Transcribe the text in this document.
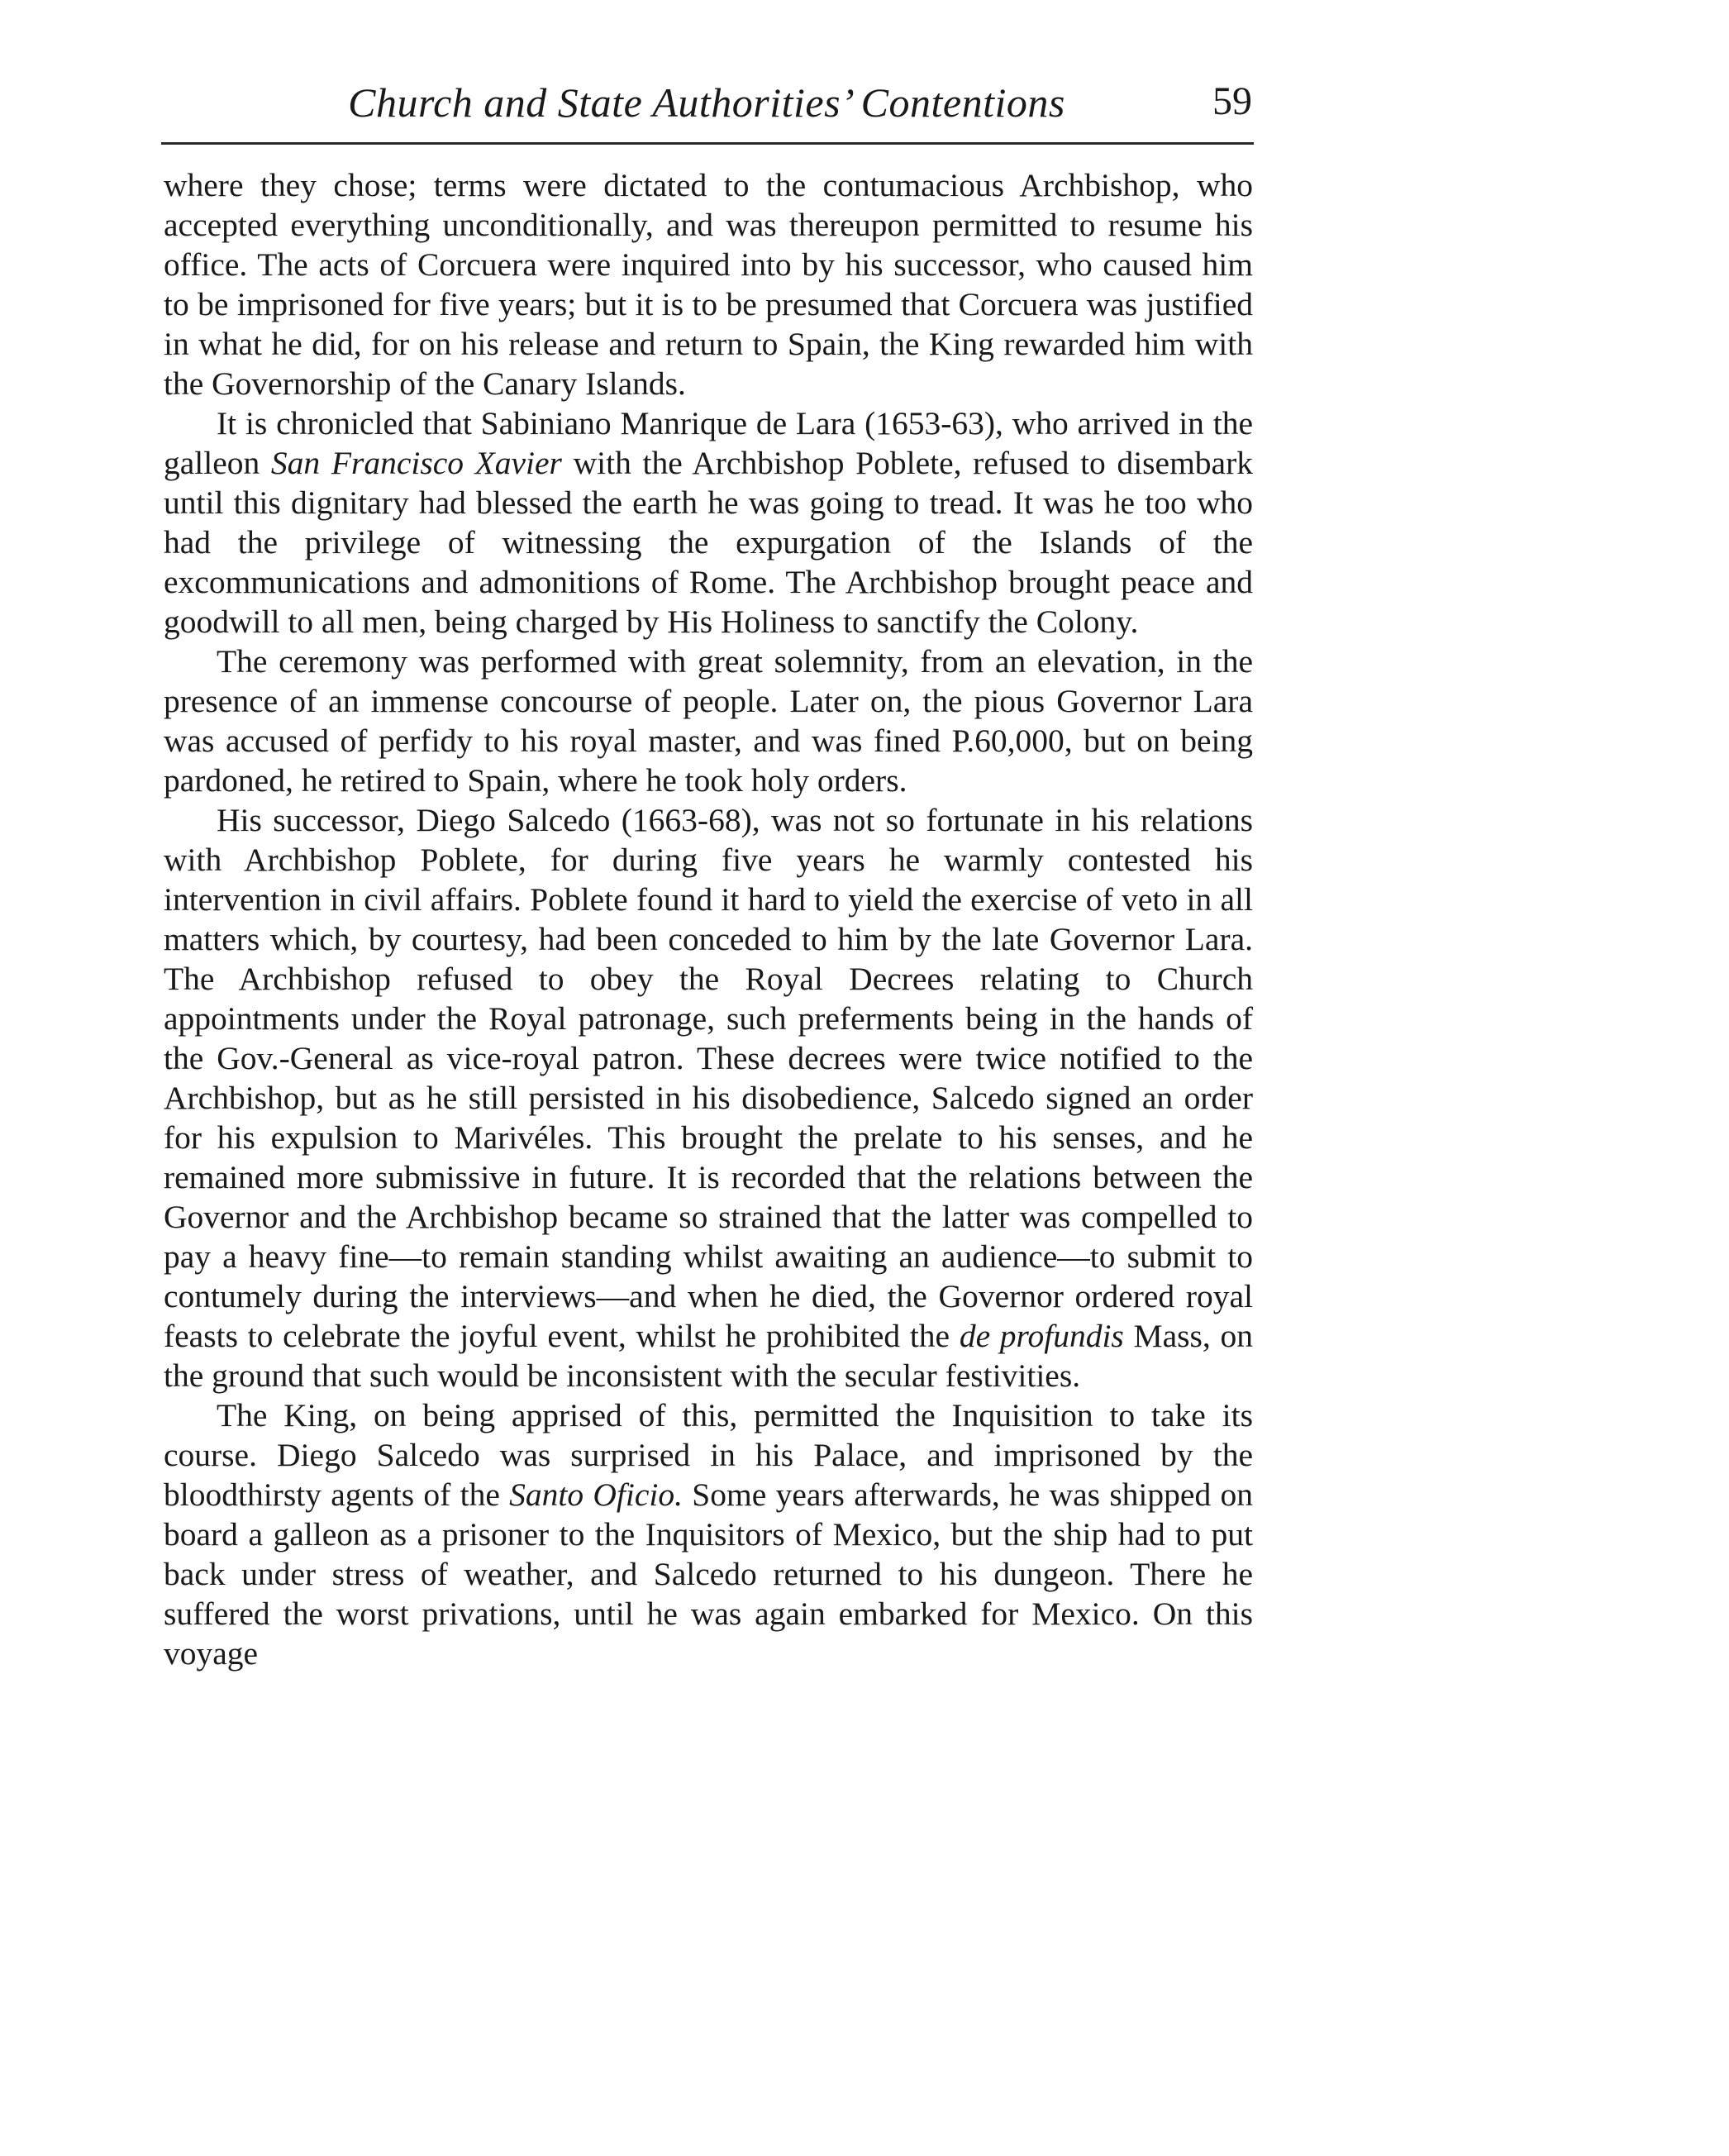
Church and State Authorities’ Contentions	59

where they chose; terms were dictated to the contumacious Archbishop, who accepted everything unconditionally, and was thereupon permitted to resume his office. The acts of Corcuera were inquired into by his successor, who caused him to be imprisoned for five years; but it is to be presumed that Corcuera was justified in what he did, for on his release and return to Spain, the King rewarded him with the Governorship of the Canary Islands.

It is chronicled that Sabiniano Manrique de Lara (1653-63), who arrived in the galleon San Francisco Xavier with the Archbishop Poblete, refused to disembark until this dignitary had blessed the earth he was going to tread. It was he too who had the privilege of witnessing the expurgation of the Islands of the excommunications and admonitions of Rome. The Archbishop brought peace and goodwill to all men, being charged by His Holiness to sanctify the Colony.

The ceremony was performed with great solemnity, from an elevation, in the presence of an immense concourse of people. Later on, the pious Governor Lara was accused of perfidy to his royal master, and was fined P.60,000, but on being pardoned, he retired to Spain, where he took holy orders.

His successor, Diego Salcedo (1663-68), was not so fortunate in his relations with Archbishop Poblete, for during five years he warmly contested his intervention in civil affairs. Poblete found it hard to yield the exercise of veto in all matters which, by courtesy, had been conceded to him by the late Governor Lara. The Archbishop refused to obey the Royal Decrees relating to Church appointments under the Royal patronage, such preferments being in the hands of the Gov.-General as vice-royal patron. These decrees were twice notified to the Archbishop, but as he still persisted in his disobedience, Salcedo signed an order for his expulsion to Marivéles. This brought the prelate to his senses, and he remained more submissive in future. It is recorded that the relations between the Governor and the Archbishop became so strained that the latter was compelled to pay a heavy fine—to remain standing whilst awaiting an audience—to submit to contumely during the interviews—and when he died, the Governor ordered royal feasts to celebrate the joyful event, whilst he prohibited the de profundis Mass, on the ground that such would be inconsistent with the secular festivities.

The King, on being apprised of this, permitted the Inquisition to take its course. Diego Salcedo was surprised in his Palace, and imprisoned by the bloodthirsty agents of the Santo Oficio. Some years afterwards, he was shipped on board a galleon as a prisoner to the Inquisitors of Mexico, but the ship had to put back under stress of weather, and Salcedo returned to his dungeon. There he suffered the worst privations, until he was again embarked for Mexico. On this voyage
